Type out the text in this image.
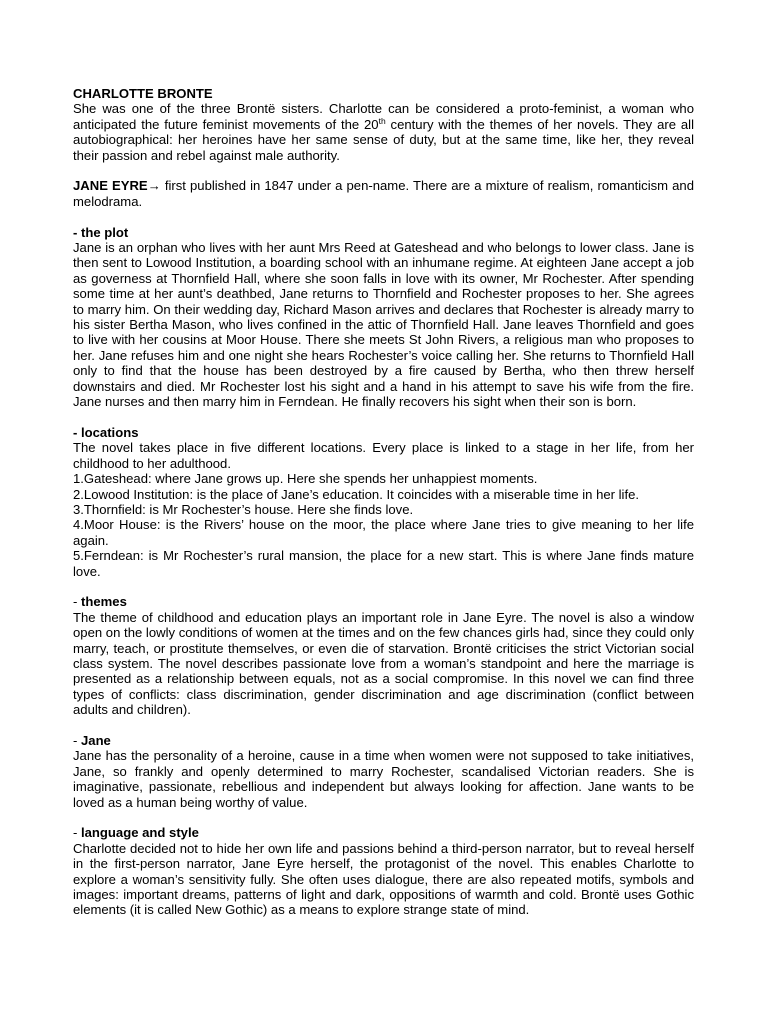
CHARLOTTE BRONTE

She was one of the three Brontë sisters. Charlotte can be considered a proto-feminist, a woman who anticipated the future feminist movements of the 20th century with the themes of her novels. They are all autobiographical: her heroines have her same sense of duty, but at the same time, like her, they reveal their passion and rebel against male authority.

JANE EYRE→ first published in 1847 under a pen-name. There are a mixture of realism, romanticism and melodrama.

- the plot

Jane is an orphan who lives with her aunt Mrs Reed at Gateshead and who belongs to lower class. Jane is then sent to Lowood Institution, a boarding school with an inhumane regime. At eighteen Jane accept a job as governess at Thornfield Hall, where she soon falls in love with its owner, Mr Rochester. After spending some time at her aunt’s deathbed, Jane returns to Thornfield and Rochester proposes to her. She agrees to marry him. On their wedding day, Richard Mason arrives and declares that Rochester is already marry to his sister Bertha Mason, who lives confined in the attic of Thornfield Hall. Jane leaves Thornfield and goes to live with her cousins at Moor House. There she meets St John Rivers, a religious man who proposes to her. Jane refuses him and one night she hears Rochester’s voice calling her. She returns to Thornfield Hall only to find that the house has been destroyed by a fire caused by Bertha, who then threw herself downstairs and died. Mr Rochester lost his sight and a hand in his attempt to save his wife from the fire. Jane nurses and then marry him in Ferndean. He finally recovers his sight when their son is born.

- locations

The novel takes place in five different locations. Every place is linked to a stage in her life, from her childhood to her adulthood.

1.Gateshead: where Jane grows up. Here she spends her unhappiest moments.

2.Lowood Institution: is the place of Jane’s education. It coincides with a miserable time in her life.

3.Thornfield: is Mr Rochester’s house. Here she finds love.

4.Moor House: is the Rivers’ house on the moor, the place where Jane tries to give meaning to her life again.

5.Ferndean: is Mr Rochester’s rural mansion, the place for a new start. This is where Jane finds mature love.

- themes

The theme of childhood and education plays an important role in Jane Eyre. The novel is also a window open on the lowly conditions of women at the times and on the few chances girls had, since they could only marry, teach, or prostitute themselves, or even die of starvation. Brontë criticises the strict Victorian social class system. The novel describes passionate love from a woman’s standpoint and here the marriage is presented as a relationship between equals, not as a social compromise. In this novel we can find three types of conflicts: class discrimination, gender discrimination and age discrimination (conflict between adults and children).

- Jane

Jane has the personality of a heroine, cause in a time when women were not supposed to take initiatives, Jane, so frankly and openly determined to marry Rochester, scandalised Victorian readers. She is imaginative, passionate, rebellious and independent but always looking for affection. Jane wants to be loved as a human being worthy of value.

- language and style

Charlotte decided not to hide her own life and passions behind a third-person narrator, but to reveal herself in the first-person narrator, Jane Eyre herself, the protagonist of the novel. This enables Charlotte to explore a woman’s sensitivity fully. She often uses dialogue, there are also repeated motifs, symbols and images: important dreams, patterns of light and dark, oppositions of warmth and cold. Brontë uses Gothic elements (it is called New Gothic) as a means to explore strange state of mind.
